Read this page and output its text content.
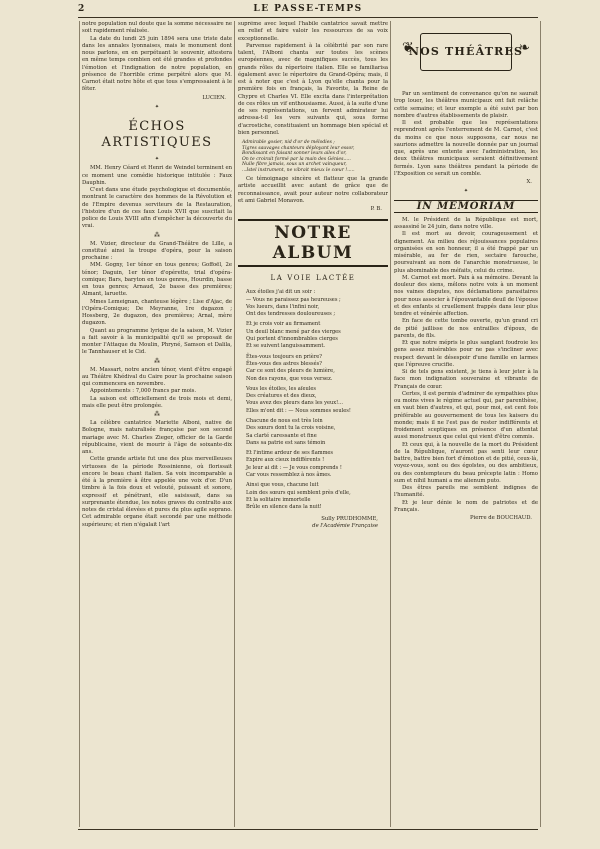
2	LE PASSE-TEMPS

notre population nul doute que la somme nécessaire ne soit rapidement réalisée.

La date du lundi 25 juin 1894 sera une triste date dans les annales lyonnaises, mais le monument dont nous parlons, en en perpétuant le souvenir, attestera en même temps combien ont été grandes et profondes l'émotion et l'indignation de notre population, en présence de l'horrible crime perpétré alors que M. Carnot était notre hôte et que tous s'empressaient à le fêter.

LUCIEN.
✦
ÉCHOS ARTISTIQUES
✦

MM. Henry Céard et Henri de Weindel terminent en ce moment une comédie historique intitulée : Faux Dauphin.

C'est dans une étude psychologique et documentée, montrant le caractère des hommes de la Révolution et de l'Empire devenus serviteurs de la Restauration, l'histoire d'un de ces faux Louis XVII que suscitait la police de Louis XVIII afin d'empêcher la découverte du vrai.

⁂

M. Vizier, directeur du Grand-Théâtre de Lille, a constitué ainsi la troupe d'opéra, pour la saison prochaine :

MM. Gogny, 1er ténor en tous genres; Goffoël, 2e ténor; Daguin, 1er ténor d'opérette, trial d'opéra-comique; Bars, baryton en tous genres, Hourdin, basse en tous genres; Arnaud, 2e basse des premières; Almant, laruette.

Mmes Lemeignan, chanteuse légère ; Lise d'Ajac, de l'Opéra-Comique; De Meyranne, 1re dugazon ; Hossberg, 2e dugazon, des premières; Arnal, mère dugazon.

Quant au programme lyrique de la saison, M. Vizier a fait savoir à la municipalité qu'il se proposait de monter l'Attaque du Moulin, Phryné, Samson et Dalila, le Tannhauser et le Cid.

⁂

M. Massart, notre ancien ténor, vient d'être engagé au Théâtre Khédival du Caire pour la prochaine saison qui commencera en novembre.

Appointements : 7,000 francs par mois.

La saison est officiellement de trois mois et demi, mais elle peut être prolongée.

⁂

La célèbre cantatrice Mariette Alboni, native de Bologne, mais naturalisée française par son second mariage avec M. Charles Zieger, officier de la Garde républicaine, vient de mourir à l'âge de soixante-dix ans.

Cette grande artiste fut une des plus merveilleuses virtuoses de la période Rossinienne, où florissait encore le beau chant italien. Sa voix incomparable a été à la première à être appelée une voix d'or. D'un timbre à la fois doux et velouté, puissant et sonore, expressif et pénétrant, elle saisissait, dans sa surprenante étendue, les notes graves du contralto aux notes de cristal élevées et pures du plus agile soprano. Cet admirable organe était secondé par une méthode supérieure; et rien n'égalait l'art

suprême avec lequel l'habile cantatrice savait mettre en relief et faire valoir les ressources de sa voix exceptionnelle.

Parvenue rapidement à la célébrité par son rare talent, l'Alboni chanta sur toutes les scènes européennes, avec de magnifiques succès, tous les grands rôles du répertoire italien. Elle se familiarisa également avec le répertoire du Grand-Opéra; mais, il est à noter que c'est à Lyon qu'elle chanta pour la première fois en français, la Favorite, la Reine de Chypre et Charles VI. Elle excita dans l'interprétation de ces rôles un vif enthousiasme. Aussi, à la suite d'une de ses représentations, un fervent admirateur lui adressa-t-il les vers suivants qui, sous forme d'acrostiche, constituaient un hommage bien spécial et bien personnel.

Admirable gosier, nid d'or de mélodies ;
Tigres sauvages chanteurs déployant leur essor,
Bondissant en faisant sonner leurs ailes d'or,
On te croirait formé par la main des Génies.....
Nulle fibre jamais, sous un archet vainqueur,
...Istel instrument, ne vibrait mieux le cœur !.....

Ce témoignage sincère et flatteur que la grande artiste accueillit avec autant de grâce que de reconnaissance, avait pour auteur notre collaborateur et ami Gabriel Monavon.

P. B.
NOTRE ALBUM
LA VOIE LACTÉE
Aux étoiles j'ai dit un soir :
— Vous ne paraissez pas heureuses ;
Vos lueurs, dans l'infini noir,
Ont des tendresses douloureuses ;
Et je crois voir au firmament
Un deuil blanc mené par des vierges
Qui portent d'innombrables cierges
Et se suivent languissamment.
Êtes-vous toujours en prière?
Êtes-vous des astres blessés?
Car ce sont des pleurs de lumière,
Non des rayons, que vous versez.
Vous les étoiles, les aïeules
Des créatures et des dieux,
Vous avez des pleurs dans les yeux!...
Elles m'ont dit : — Nous sommes seules!
Chacune de nous est très loin
Des sœurs dont tu la crois voisine,
Sa clarté caressante et fine
Dans sa patrie est sans témoin
Et l'intime ardeur de ses flammes
Expire aux cieux indifférents !
Je leur ai dit : — Je vous comprends !
Car vous ressemblez à nos âmes.
Ainsi que vous, chacune luit
Loin des sœurs qui semblent près d'elle,
Et la solitaire immortelle
Brûle en silence dans la nuit!
Sully PRUDHOMME,
de l'Académie Française
❦	❧
NOS THÉÂTRES

Par un sentiment de convenance qu'on ne saurait trop louer, les théâtres municipaux ont fait relâche cette semaine; et leur exemple a été suivi par bon nombre d'autres établissements de plaisir.

Il est probable que les représentations reprendront après l'enterrement de M. Carnot, c'est du moins ce que nous supposons, car nous ne saurions admettre la nouvelle donnée par un journal que, après une entente avec l'administration, les deux théâtres municipaux seraient définitivement fermés. Lyon sans théâtres pendant la période de l'Exposition ce serait un comble.

X.
✦
IN MEMORIAM

M. le Président de la République est mort, assassiné le 24 juin, dans notre ville.

Il est mort au devoir, courageusement et dignement. Au milieu des réjouissances populaires organisées en son honneur, il a été frappé par un misérable, au fer de rien, sectaire farouche, poursuivant au nom de l'anarchie monstrueuse, le plus abominable des méfaits, celui du crime.

M. Carnot est mort. Paix à sa mémoire. Devant la douleur des siens, mêlons notre voix à un moment nos vaines disputes, nos déclamations parasitaires pour nous associer à l'épouvantable deuil de l'épouse et des enfants si cruellement frappés dans leur plus tendre et vénérée affection.

En face de cette tombe ouverte, qu'un grand cri de pitié jaillisse de nos entrailles d'époux, de parents, de fils.

Et que notre mépris le plus sanglant foudroie les gens assez misérables pour ne pas s'incliner avec respect devant le désespoir d'une famille en larmes que l'épreuve crucifie.

Si de tels gens existent, je tiens à leur jeter à la face mon indignation souveraine et vibrante de Français de cœur.

Certes, il est permis d'admirer de sympathies plus ou moins vives le régime actuel qui, par parenthèse, en vaut bien d'autres, et qui, pour moi, est cent fois préférable au gouvernement de tous les kaisers du monde; mais il ne l'est pas de rester indifférents et froidement sceptiques en présence d'un attentat aussi monstrueux que celui qui vient d'être commis.

Et ceux qui, à la nouvelle de la mort du Président de la République, n'auront pas senti leur cœur battre, battre bien fort d'émotion et de pitié, ceux-là, voyez-vous, sont ou des égoïstes, ou des ambitieux, ou des contempteurs du beau précepte latin : Homo sum et nihil humani a me alienum puto.

Des êtres pareils me semblent indignes de l'humanité.

Et je leur dénie le nom de patriotes et de Français.

Pierre de BOUCHAUD.
